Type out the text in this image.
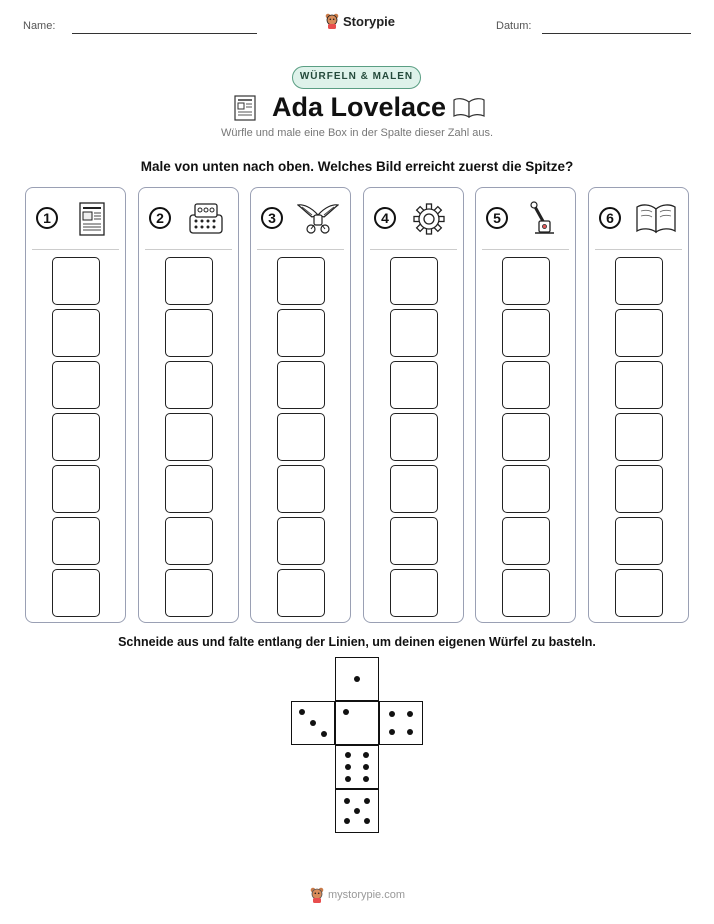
Name:	Storypie	Datum:
WÜRFELN & MALEN
Ada Lovelace
Würfle und male eine Box in der Spalte dieser Zahl aus.
Male von unten nach oben. Welches Bild erreicht zuerst die Spitze?
1	2	3	4	5	6
Schneide aus und falte entlang der Linien, um deinen eigenen Würfel zu basteln.
mystorypie.com
